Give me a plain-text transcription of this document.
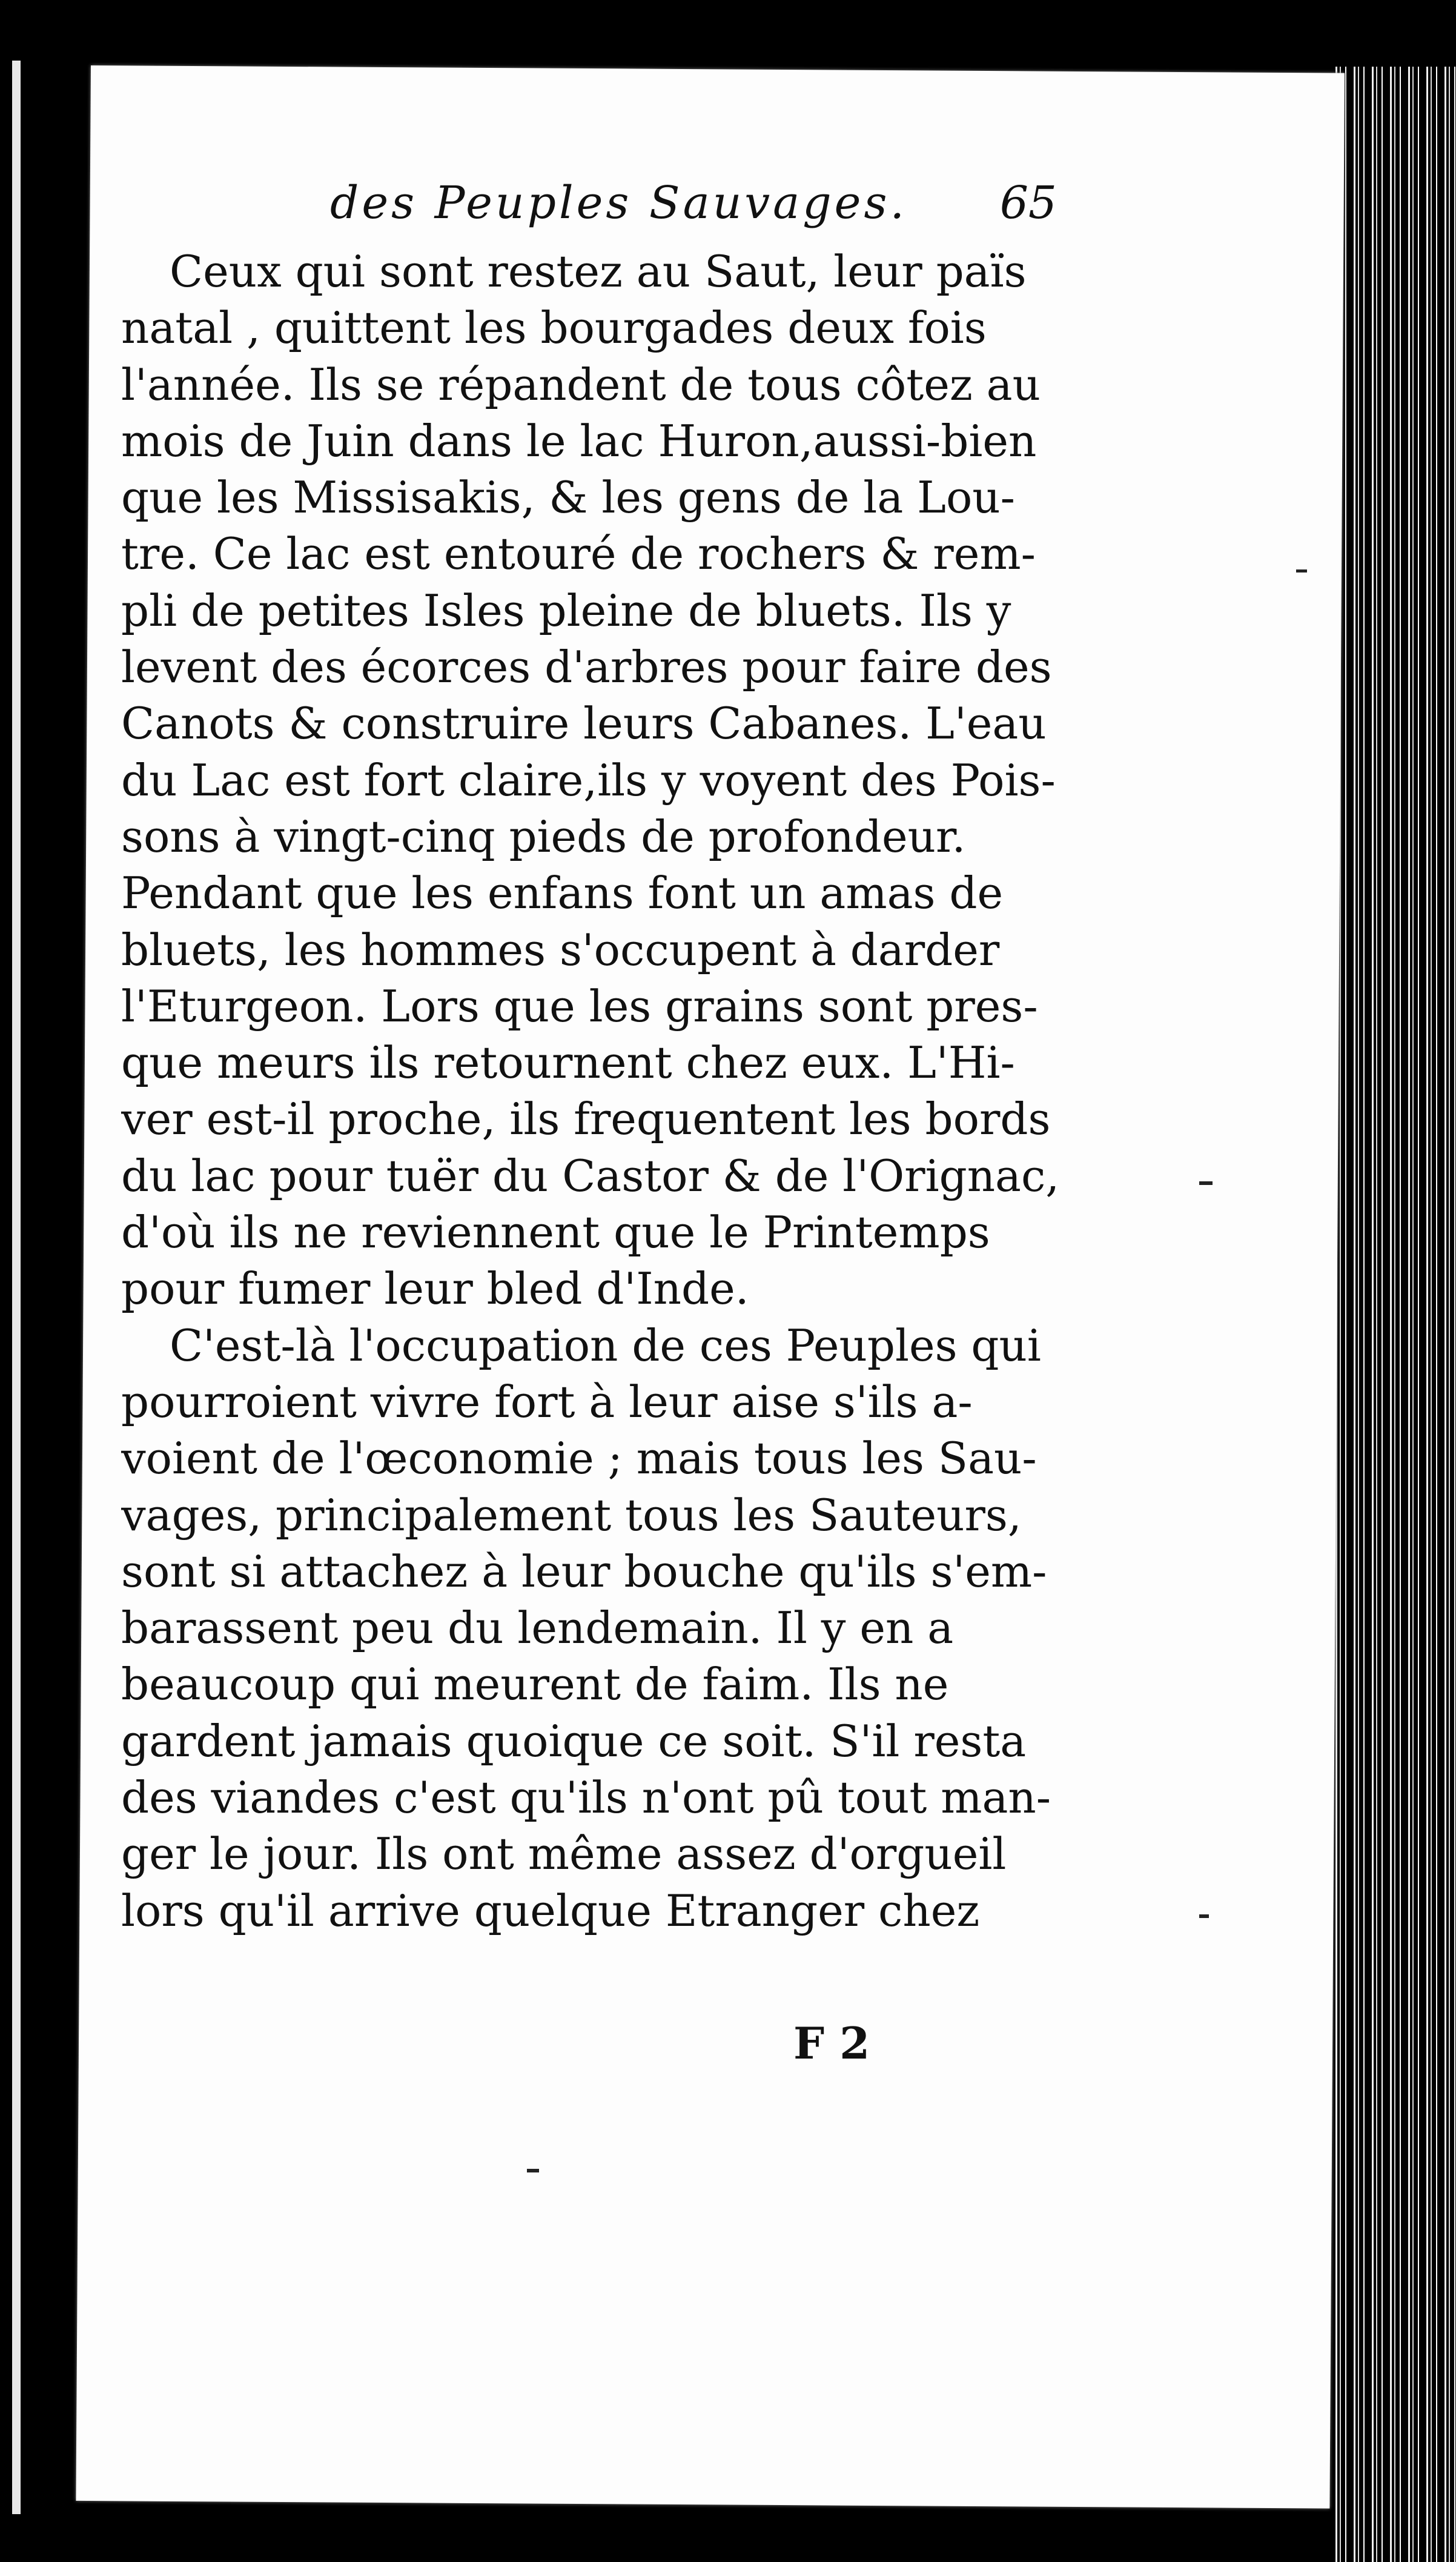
des Peuples Sauvages. 65
Ceux qui sont restez au Saut, leur païs
natal , quittent les bourgades deux fois
l'année. Ils se répandent de tous côtez au
mois de Juin dans le lac Huron,aussi-bien
que les Missisakis, & les gens de la Lou-
tre. Ce lac est entouré de rochers & rem-
pli de petites Isles pleine de bluets. Ils y
levent des écorces d'arbres pour faire des
Canots & construire leurs Cabanes. L'eau
du Lac est fort claire,ils y voyent des Pois-
sons à vingt-cinq pieds de profondeur.
Pendant que les enfans font un amas de
bluets, les hommes s'occupent à darder
l'Eturgeon. Lors que les grains sont pres-
que meurs ils retournent chez eux. L'Hi-
ver est-il proche, ils frequentent les bords
du lac pour tuër du Castor & de l'Orignac,
d'où ils ne reviennent que le Printemps
pour fumer leur bled d'Inde.
C'est-là l'occupation de ces Peuples qui
pourroient vivre fort à leur aise s'ils a-
voient de l'œconomie ; mais tous les Sau-
vages, principalement tous les Sauteurs,
sont si attachez à leur bouche qu'ils s'em-
barassent peu du lendemain. Il y en a
beaucoup qui meurent de faim. Ils ne
gardent jamais quoique ce soit. S'il resta
des viandes c'est qu'ils n'ont pû tout man-
ger le jour. Ils ont même assez d'orgueil
lors qu'il arrive quelque Etranger chez
F 2
